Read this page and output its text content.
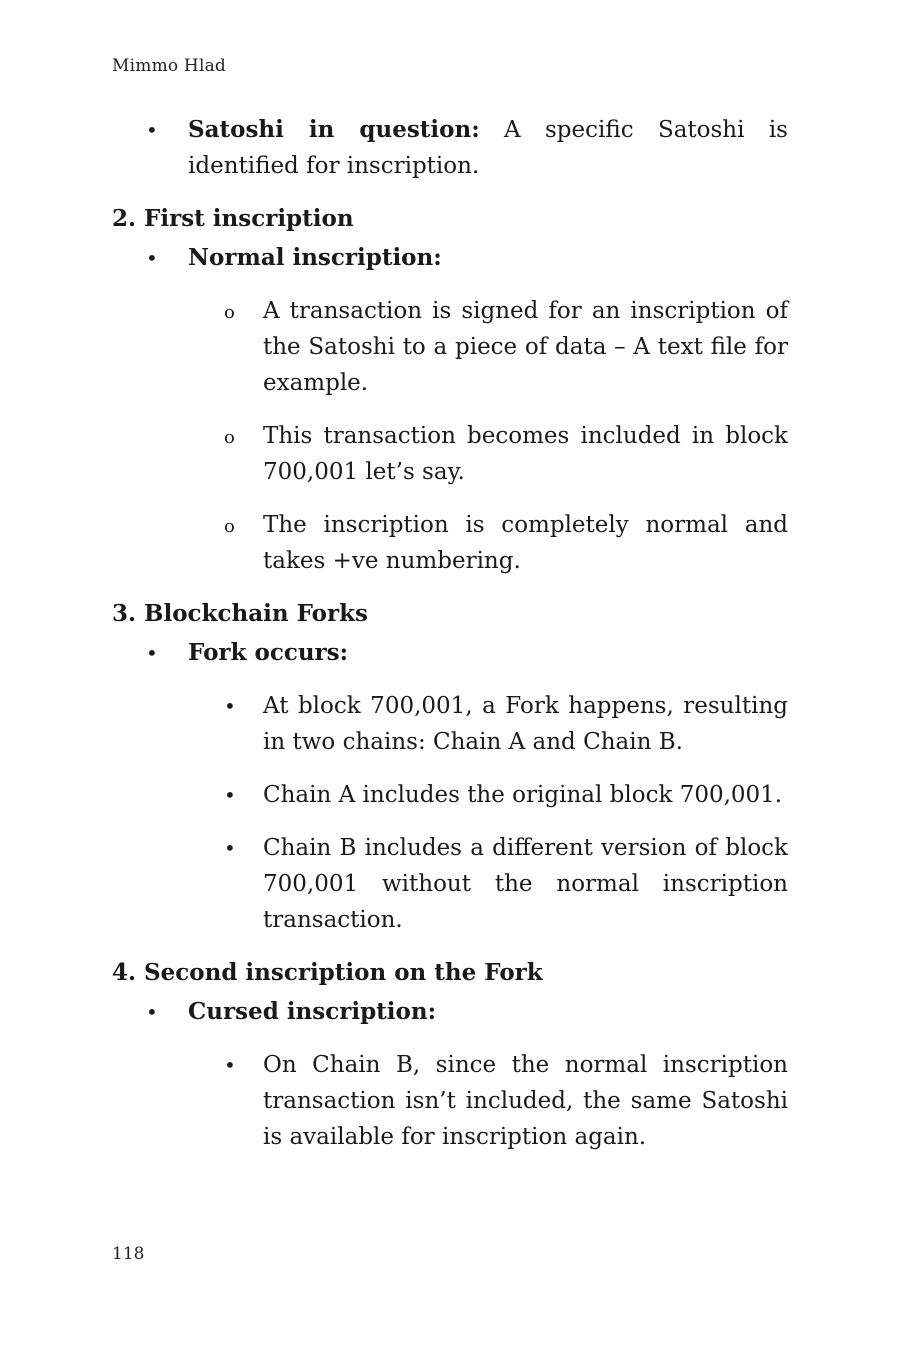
Mimmo Hlad
• Satoshi in question: A specific Satoshi is identified for inscription.
2. First inscription
• Normal inscription:
o A transaction is signed for an inscription of the Satoshi to a piece of data – A text file for example.
o This transaction becomes included in block 700,001 let’s say.
o The inscription is completely normal and takes +ve numbering.
3. Blockchain Forks
• Fork occurs:
• At block 700,001, a Fork happens, resulting in two chains: Chain A and Chain B.
• Chain A includes the original block 700,001.
• Chain B includes a different version of block 700,001 without the normal inscription transaction.
4. Second inscription on the Fork
• Cursed inscription:
• On Chain B, since the normal inscription transaction isn’t included, the same Satoshi is available for inscription again.
118
